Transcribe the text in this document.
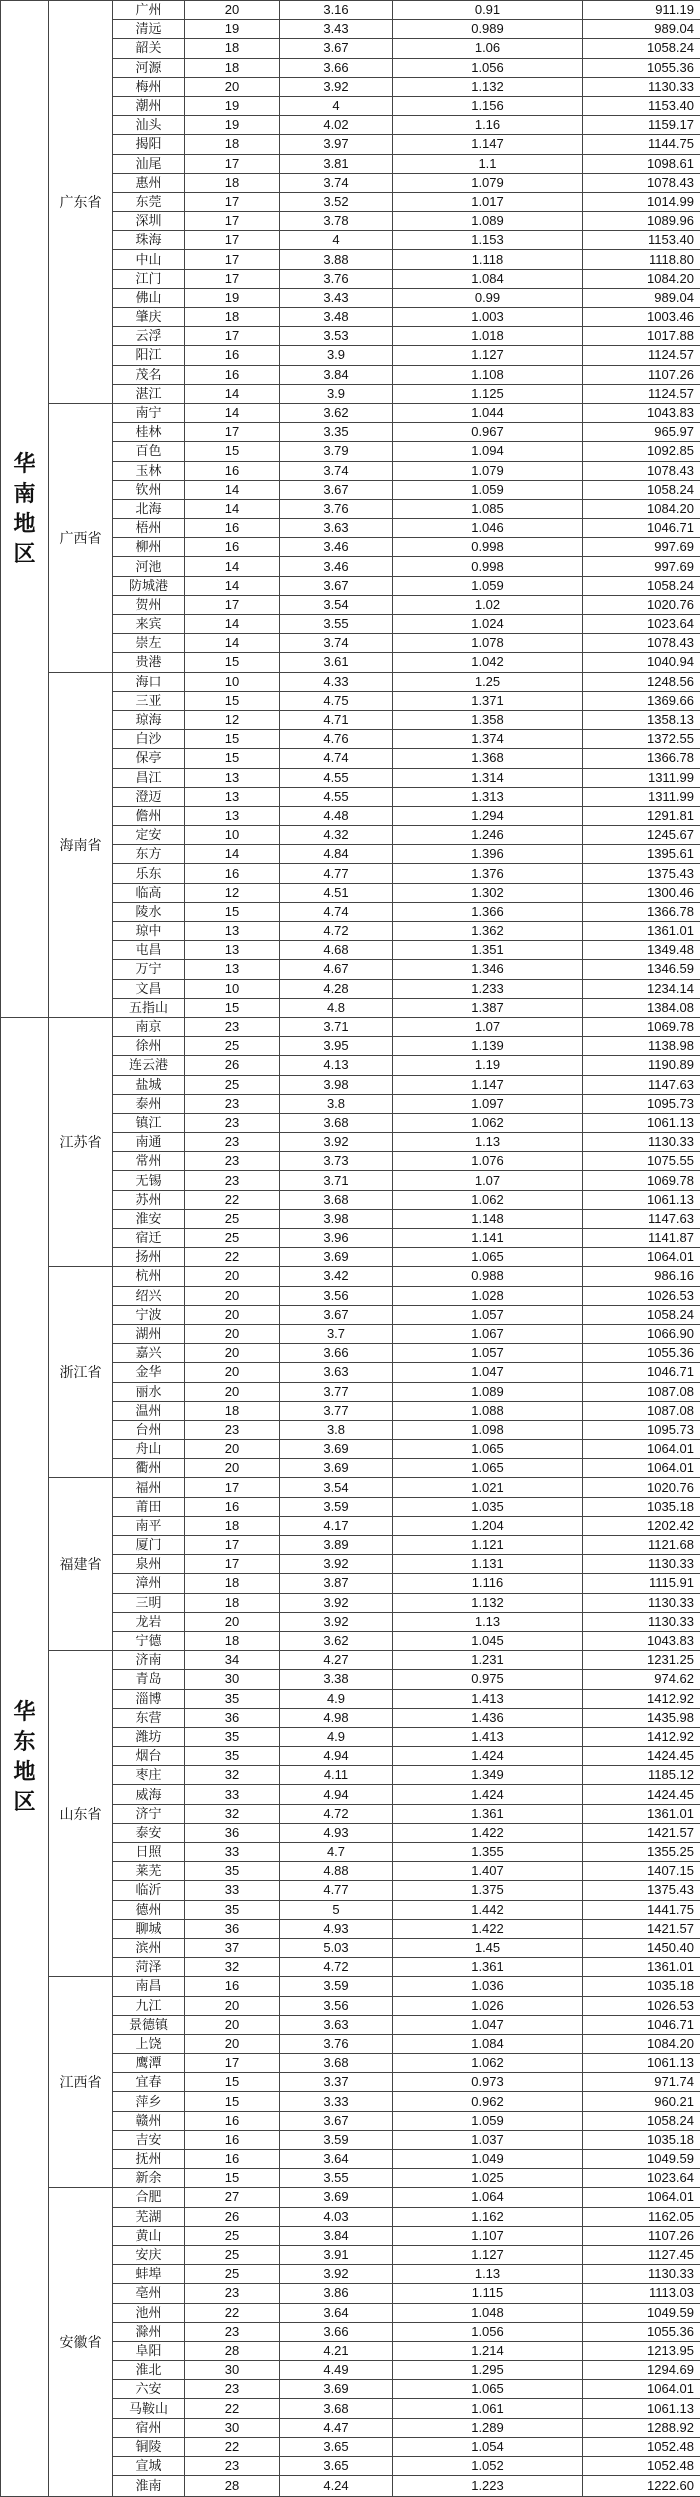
华南地区	广东省	广州	20	3.16	0.91	911.19
		清远	19	3.43	0.989	989.04
		韶关	18	3.67	1.06	1058.24
		河源	18	3.66	1.056	1055.36
		梅州	20	3.92	1.132	1130.33
		潮州	19	4	1.156	1153.40
		汕头	19	4.02	1.16	1159.17
		揭阳	18	3.97	1.147	1144.75
		汕尾	17	3.81	1.1	1098.61
		惠州	18	3.74	1.079	1078.43
		东莞	17	3.52	1.017	1014.99
		深圳	17	3.78	1.089	1089.96
		珠海	17	4	1.153	1153.40
		中山	17	3.88	1.118	1118.80
		江门	17	3.76	1.084	1084.20
		佛山	19	3.43	0.99	989.04
		肇庆	18	3.48	1.003	1003.46
		云浮	17	3.53	1.018	1017.88
		阳江	16	3.9	1.127	1124.57
		茂名	16	3.84	1.108	1107.26
		湛江	14	3.9	1.125	1124.57
	广西省	南宁	14	3.62	1.044	1043.83
		桂林	17	3.35	0.967	965.97
		百色	15	3.79	1.094	1092.85
		玉林	16	3.74	1.079	1078.43
		钦州	14	3.67	1.059	1058.24
		北海	14	3.76	1.085	1084.20
		梧州	16	3.63	1.046	1046.71
		柳州	16	3.46	0.998	997.69
		河池	14	3.46	0.998	997.69
		防城港	14	3.67	1.059	1058.24
		贺州	17	3.54	1.02	1020.76
		来宾	14	3.55	1.024	1023.64
		崇左	14	3.74	1.078	1078.43
		贵港	15	3.61	1.042	1040.94
	海南省	海口	10	4.33	1.25	1248.56
		三亚	15	4.75	1.371	1369.66
		琼海	12	4.71	1.358	1358.13
		白沙	15	4.76	1.374	1372.55
		保亭	15	4.74	1.368	1366.78
		昌江	13	4.55	1.314	1311.99
		澄迈	13	4.55	1.313	1311.99
		儋州	13	4.48	1.294	1291.81
		定安	10	4.32	1.246	1245.67
		东方	14	4.84	1.396	1395.61
		乐东	16	4.77	1.376	1375.43
		临高	12	4.51	1.302	1300.46
		陵水	15	4.74	1.366	1366.78
		琼中	13	4.72	1.362	1361.01
		屯昌	13	4.68	1.351	1349.48
		万宁	13	4.67	1.346	1346.59
		文昌	10	4.28	1.233	1234.14
		五指山	15	4.8	1.387	1384.08
华东地区	江苏省	南京	23	3.71	1.07	1069.78
		徐州	25	3.95	1.139	1138.98
		连云港	26	4.13	1.19	1190.89
		盐城	25	3.98	1.147	1147.63
		泰州	23	3.8	1.097	1095.73
		镇江	23	3.68	1.062	1061.13
		南通	23	3.92	1.13	1130.33
		常州	23	3.73	1.076	1075.55
		无锡	23	3.71	1.07	1069.78
		苏州	22	3.68	1.062	1061.13
		淮安	25	3.98	1.148	1147.63
		宿迁	25	3.96	1.141	1141.87
		扬州	22	3.69	1.065	1064.01
	浙江省	杭州	20	3.42	0.988	986.16
		绍兴	20	3.56	1.028	1026.53
		宁波	20	3.67	1.057	1058.24
		湖州	20	3.7	1.067	1066.90
		嘉兴	20	3.66	1.057	1055.36
		金华	20	3.63	1.047	1046.71
		丽水	20	3.77	1.089	1087.08
		温州	18	3.77	1.088	1087.08
		台州	23	3.8	1.098	1095.73
		舟山	20	3.69	1.065	1064.01
		衢州	20	3.69	1.065	1064.01
	福建省	福州	17	3.54	1.021	1020.76
		莆田	16	3.59	1.035	1035.18
		南平	18	4.17	1.204	1202.42
		厦门	17	3.89	1.121	1121.68
		泉州	17	3.92	1.131	1130.33
		漳州	18	3.87	1.116	1115.91
		三明	18	3.92	1.132	1130.33
		龙岩	20	3.92	1.13	1130.33
		宁德	18	3.62	1.045	1043.83
	山东省	济南	34	4.27	1.231	1231.25
		青岛	30	3.38	0.975	974.62
		淄博	35	4.9	1.413	1412.92
		东营	36	4.98	1.436	1435.98
		潍坊	35	4.9	1.413	1412.92
		烟台	35	4.94	1.424	1424.45
		枣庄	32	4.11	1.349	1185.12
		威海	33	4.94	1.424	1424.45
		济宁	32	4.72	1.361	1361.01
		泰安	36	4.93	1.422	1421.57
		日照	33	4.7	1.355	1355.25
		莱芜	35	4.88	1.407	1407.15
		临沂	33	4.77	1.375	1375.43
		德州	35	5	1.442	1441.75
		聊城	36	4.93	1.422	1421.57
		滨州	37	5.03	1.45	1450.40
		菏泽	32	4.72	1.361	1361.01
	江西省	南昌	16	3.59	1.036	1035.18
		九江	20	3.56	1.026	1026.53
		景德镇	20	3.63	1.047	1046.71
		上饶	20	3.76	1.084	1084.20
		鹰潭	17	3.68	1.062	1061.13
		宜春	15	3.37	0.973	971.74
		萍乡	15	3.33	0.962	960.21
		赣州	16	3.67	1.059	1058.24
		吉安	16	3.59	1.037	1035.18
		抚州	16	3.64	1.049	1049.59
		新余	15	3.55	1.025	1023.64
	安徽省	合肥	27	3.69	1.064	1064.01
		芜湖	26	4.03	1.162	1162.05
		黄山	25	3.84	1.107	1107.26
		安庆	25	3.91	1.127	1127.45
		蚌埠	25	3.92	1.13	1130.33
		亳州	23	3.86	1.115	1113.03
		池州	22	3.64	1.048	1049.59
		滁州	23	3.66	1.056	1055.36
		阜阳	28	4.21	1.214	1213.95
		淮北	30	4.49	1.295	1294.69
		六安	23	3.69	1.065	1064.01
		马鞍山	22	3.68	1.061	1061.13
		宿州	30	4.47	1.289	1288.92
		铜陵	22	3.65	1.054	1052.48
		宣城	23	3.65	1.052	1052.48
		淮南	28	4.24	1.223	1222.60
